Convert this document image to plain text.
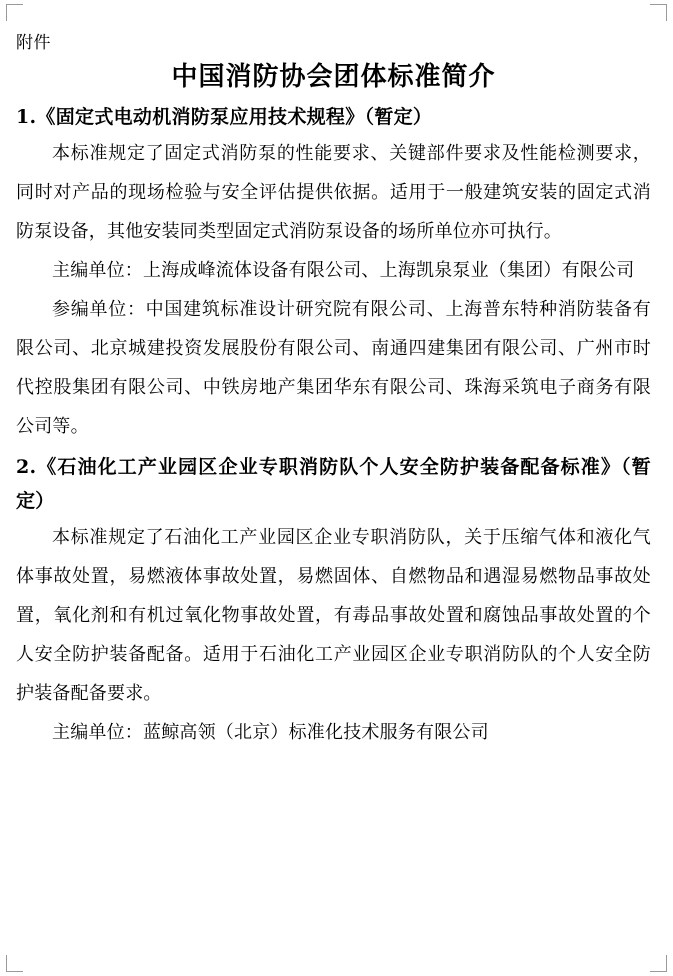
附件

中国消防协会团体标准简介
1.《固定式电动机消防泵应用技术规程》（暂定）

本标准规定了固定式消防泵的性能要求、关键部件要求及性能检测要求，同时对产品的现场检验与安全评估提供依据。适用于一般建筑安装的固定式消防泵设备，其他安装同类型固定式消防泵设备的场所单位亦可执行。

主编单位：上海成峰流体设备有限公司、上海凯泉泵业（集团）有限公司

参编单位：中国建筑标准设计研究院有限公司、上海普东特种消防装备有限公司、北京城建投资发展股份有限公司、南通四建集团有限公司、广州市时代控股集团有限公司、中铁房地产集团华东有限公司、珠海采筑电子商务有限公司等。

2.《石油化工产业园区企业专职消防队个人安全防护装备配备标准》（暂定）

本标准规定了石油化工产业园区企业专职消防队，关于压缩气体和液化气体事故处置，易燃液体事故处置，易燃固体、自燃物品和遇湿易燃物品事故处置，氧化剂和有机过氧化物事故处置，有毒品事故处置和腐蚀品事故处置的个人安全防护装备配备。适用于石油化工产业园区企业专职消防队的个人安全防护装备配备要求。

主编单位：蓝鲸高领（北京）标准化技术服务有限公司
